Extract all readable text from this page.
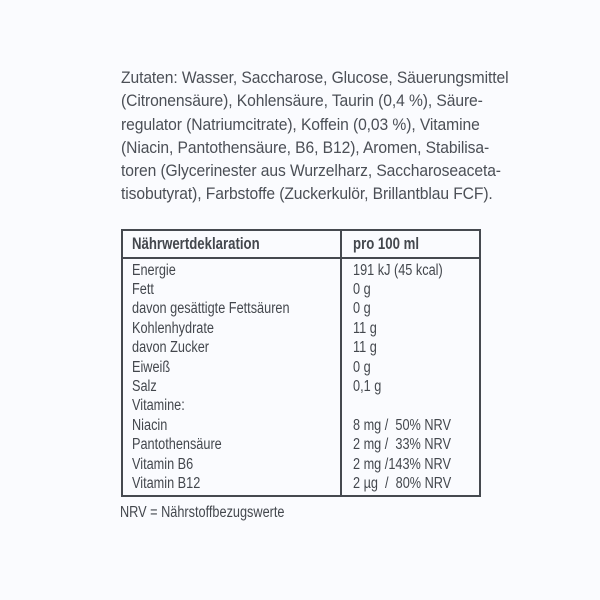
Zutaten: Wasser, Saccharose, Glucose, Säuerungsmittel
(Citronensäure), Kohlensäure, Taurin (0,4 %), Säure-
regulator (Natriumcitrate), Koffein (0,03 %), Vitamine
(Niacin, Pantothensäure, B6, B12), Aromen, Stabilisa-
toren (Glycerinester aus Wurzelharz, Saccharoseaceta-
tisobutyrat), Farbstoffe (Zuckerkulör, Brillantblau FCF).
Nährwertdeklaration	pro 100 ml
Energie	191 kJ (45 kcal)
Fett	0 g
davon gesättigte Fettsäuren	0 g
Kohlenhydrate	11 g
davon Zucker	11 g
Eiweiß	0 g
Salz	0,1 g
Vitamine:
Niacin	8 mg /  50% NRV
Pantothensäure	2 mg /  33% NRV
Vitamin B6	2 mg /143% NRV
Vitamin B12	2 µg  /  80% NRV
NRV = Nährstoffbezugswerte
